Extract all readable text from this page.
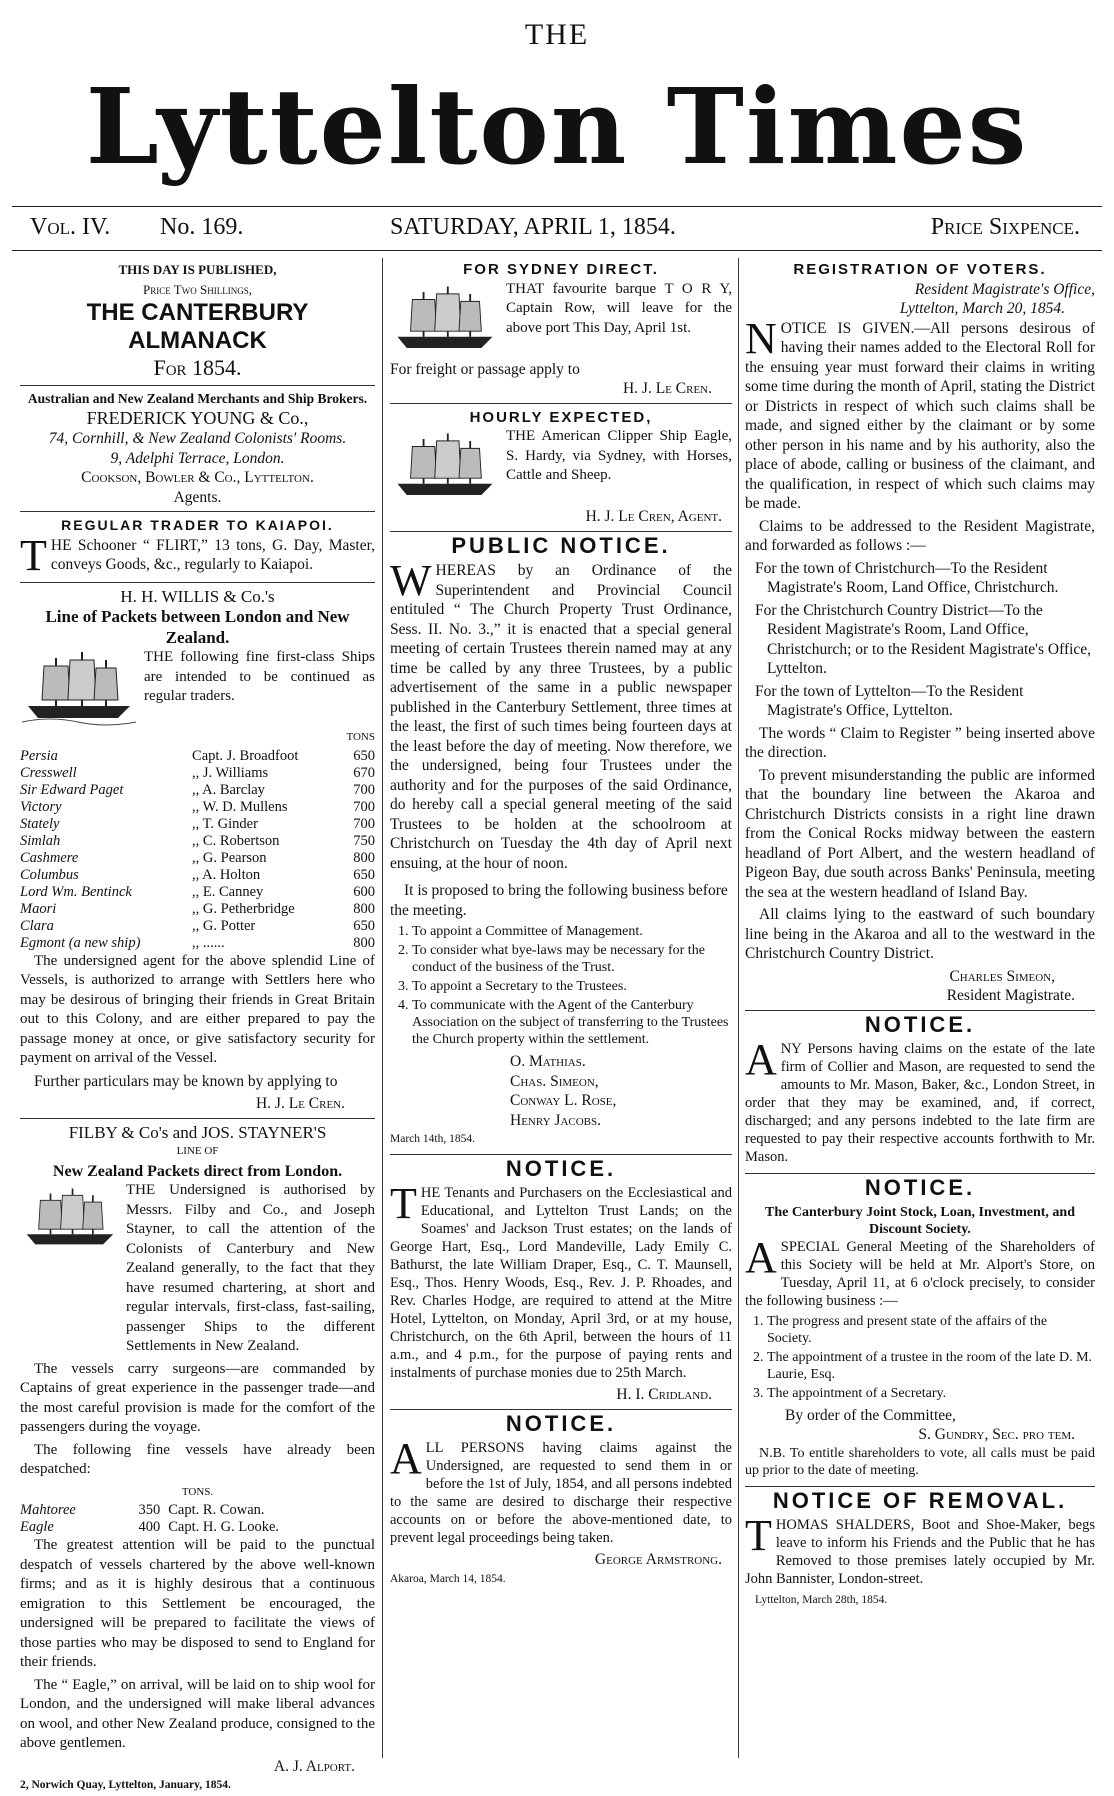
THE
Lyttelton Times
Vol. IV. No. 169.	SATURDAY, APRIL 1, 1854.	Price Sixpence.
THIS DAY IS PUBLISHED,
Price Two Shillings,
THE CANTERBURY ALMANACK
For 1854.
Australian and New Zealand Merchants and Ship Brokers.
FREDERICK YOUNG & Co.,
74, Cornhill, & New Zealand Colonists' Rooms.
9, Adelphi Terrace, London.
Cookson, Bowler & Co., Lyttelton.
Agents.
REGULAR TRADER TO KAIAPOI.

THE Schooner “ FLIRT,” 13 tons, G. Day, Master, conveys Goods, &c., regularly to Kaiapoi.

H. H. WILLIS & Co.'s
Line of Packets between London and New Zealand.

THE following fine first-class Ships are intended to be continued as regular traders.

TONS
Persia	Capt. J. Broadfoot	650
Cresswell	,, J. Williams	670
Sir Edward Paget	,, A. Barclay	700
Victory	,, W. D. Mullens	700
Stately	,, T. Ginder	700
Simlah	,, C. Robertson	750
Cashmere	,, G. Pearson	800
Columbus	,, A. Holton	650
Lord Wm. Bentinck	,, E. Canney	600
Maori	,, G. Petherbridge	800
Clara	,, G. Potter	650
Egmont (a new ship)	,, ......	800

The undersigned agent for the above splendid Line of Vessels, is authorized to arrange with Settlers here who may be desirous of bringing their friends in Great Britain out to this Colony, and are either prepared to pay the passage money at once, or give satisfactory security for payment on arrival of the Vessel.

Further particulars may be known by applying to

H. J. Le Cren.
FILBY & Co's and JOS. STAYNER'S
LINE OF
New Zealand Packets direct from London.

THE Undersigned is authorised by Messrs. Filby and Co., and Joseph Stayner, to call the attention of the Colonists of Canterbury and New Zealand generally, to the fact that they have resumed chartering, at short and regular intervals, first-class, fast-sailing, passenger Ships to the different Settlements in New Zealand.

The vessels carry surgeons—are commanded by Captains of great experience in the passenger trade—and the most careful provision is made for the comfort of the passengers during the voyage.

The following fine vessels have already been despatched:

TONS.
Mahtoree	350	Capt. R. Cowan.
Eagle	400	Capt. H. G. Looke.

The greatest attention will be paid to the punctual despatch of vessels chartered by the above well-known firms; and as it is highly desirous that a continuous emigration to this Settlement be encouraged, the undersigned will be prepared to facilitate the views of those parties who may be disposed to send to England for their friends.

The “ Eagle,” on arrival, will be laid on to ship wool for London, and the undersigned will make liberal advances on wool, and other New Zealand produce, consigned to the above gentlemen.

A. J. Alport.
2, Norwich Quay, Lyttelton, January, 1854.
FOR SYDNEY DIRECT.

THAT favourite barque T O R Y, Captain Row, will leave for the above port This Day, April 1st.

For freight or passage apply to
H. J. Le Cren.
HOURLY EXPECTED,

THE American Clipper Ship Eagle, S. Hardy, via Sydney, with Horses, Cattle and Sheep.

H. J. Le Cren, Agent.
PUBLIC NOTICE.

WHEREAS by an Ordinance of the Superintendent and Provincial Council entituled “ The Church Property Trust Ordinance, Sess. II. No. 3.,” it is enacted that a special general meeting of certain Trustees therein named may at any time be called by any three Trustees, by a public advertisement of the same in a public newspaper published in the Canterbury Settlement, three times at the least, the first of such times being fourteen days at the least before the day of meeting. Now therefore, we the undersigned, being four Trustees under the authority and for the purposes of the said Ordinance, do hereby call a special general meeting of the said Trustees to be holden at the schoolroom at Christchurch on Tuesday the 4th day of April next ensuing, at the hour of noon.

It is proposed to bring the following business before the meeting.

1. To appoint a Committee of Management.
2. To consider what bye-laws may be necessary for the conduct of the business of the Trust.
3. To appoint a Secretary to the Trustees.
4. To communicate with the Agent of the Canterbury Association on the subject of transferring to the Trustees the Church property within the settlement.
O. Mathias.
Chas. Simeon,
Conway L. Rose,
Henry Jacobs.
March 14th, 1854.
NOTICE.

THE Tenants and Purchasers on the Ecclesiastical and Educational, and Lyttelton Trust Lands; on the Soames' and Jackson Trust estates; on the lands of George Hart, Esq., Lord Mandeville, Lady Emily C. Bathurst, the late William Draper, Esq., C. T. Maunsell, Esq., Thos. Henry Woods, Esq., Rev. J. P. Rhoades, and Rev. Charles Hodge, are required to attend at the Mitre Hotel, Lyttelton, on Monday, April 3rd, or at my house, Christchurch, on the 6th April, between the hours of 11 a.m., and 4 p.m., for the purpose of paying rents and instalments of purchase monies due to 25th March.

H. I. Cridland.
NOTICE.

ALL PERSONS having claims against the Undersigned, are requested to send them in or before the 1st of July, 1854, and all persons indebted to the same are desired to discharge their respective accounts on or before the above-mentioned date, to prevent legal proceedings being taken.

George Armstrong.
Akaroa, March 14, 1854.
REGISTRATION OF VOTERS.
Resident Magistrate's Office,
Lyttelton, March 20, 1854.

NOTICE IS GIVEN.—All persons desirous of having their names added to the Electoral Roll for the ensuing year must forward their claims in writing some time during the month of April, stating the District or Districts in respect of which such claims shall be made, and signed either by the claimant or by some other person in his name and by his authority, also the place of abode, calling or business of the claimant, and the qualification, in respect of which such claims may be made.

Claims to be addressed to the Resident Magistrate, and forwarded as follows :—

For the town of Christchurch—To the Resident Magistrate's Room, Land Office, Christchurch.

For the Christchurch Country District—To the Resident Magistrate's Room, Land Office, Christchurch; or to the Resident Magistrate's Office, Lyttelton.

For the town of Lyttelton—To the Resident Magistrate's Office, Lyttelton.

The words “ Claim to Register ” being inserted above the direction.

To prevent misunderstanding the public are informed that the boundary line between the Akaroa and Christchurch Districts consists in a right line drawn from the Conical Rocks midway between the eastern headland of Port Albert, and the western headland of Pigeon Bay, due south across Banks' Peninsula, meeting the sea at the western headland of Island Bay.

All claims lying to the eastward of such boundary line being in the Akaroa and all to the westward in the Christchurch Country District.

Charles Simeon,
Resident Magistrate.
NOTICE.

ANY Persons having claims on the estate of the late firm of Collier and Mason, are requested to send the amounts to Mr. Mason, Baker, &c., London Street, in order that they may be examined, and, if correct, discharged; and any persons indebted to the late firm are requested to pay their respective accounts forthwith to Mr. Mason.

NOTICE.
The Canterbury Joint Stock, Loan, Investment, and Discount Society.

ASPECIAL General Meeting of the Shareholders of this Society will be held at Mr. Alport's Store, on Tuesday, April 11, at 6 o'clock precisely, to consider the following business :—

1. The progress and present state of the affairs of the Society.
2. The appointment of a trustee in the room of the late D. M. Laurie, Esq.
3. The appointment of a Secretary.
By order of the Committee,
S. Gundry, Sec. pro tem.

N.B. To entitle shareholders to vote, all calls must be paid up prior to the date of meeting.

NOTICE OF REMOVAL.

THOMAS SHALDERS, Boot and Shoe-Maker, begs leave to inform his Friends and the Public that he has Removed to those premises lately occupied by Mr. John Bannister, London-street.

Lyttelton, March 28th, 1854.
